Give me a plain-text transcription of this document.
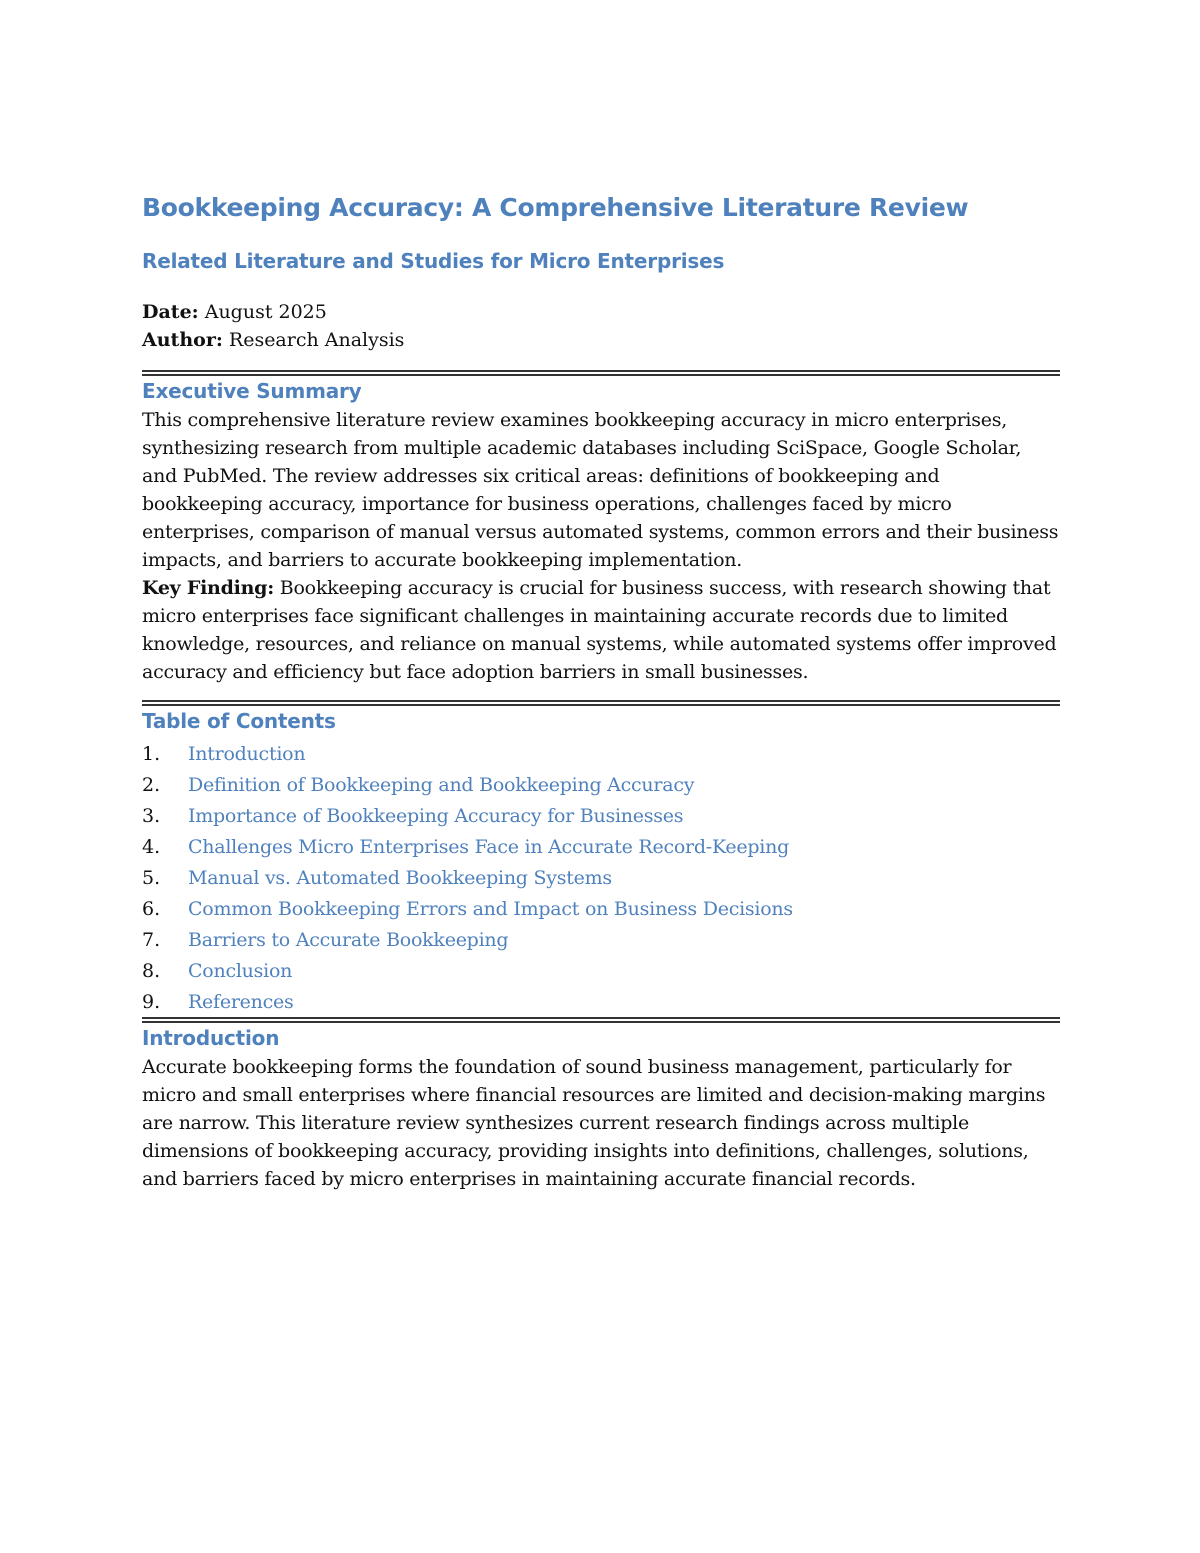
Bookkeeping Accuracy: A Comprehensive Literature Review
Related Literature and Studies for Micro Enterprises
Date: August 2025
Author: Research Analysis
Executive Summary

This comprehensive literature review examines bookkeeping accuracy in micro enterprises, synthesizing research from multiple academic databases including SciSpace, Google Scholar, and PubMed. The review addresses six critical areas: definitions of bookkeeping and bookkeeping accuracy, importance for business operations, challenges faced by micro enterprises, comparison of manual versus automated systems, common errors and their business impacts, and barriers to accurate bookkeeping implementation.

Key Finding: Bookkeeping accuracy is crucial for business success, with research showing that micro enterprises face significant challenges in maintaining accurate records due to limited knowledge, resources, and reliance on manual systems, while automated systems offer improved accuracy and efficiency but face adoption barriers in small businesses.

Table of Contents
1.	Introduction
2.	Definition of Bookkeeping and Bookkeeping Accuracy
3.	Importance of Bookkeeping Accuracy for Businesses
4.	Challenges Micro Enterprises Face in Accurate Record-Keeping
5.	Manual vs. Automated Bookkeeping Systems
6.	Common Bookkeeping Errors and Impact on Business Decisions
7.	Barriers to Accurate Bookkeeping
8.	Conclusion
9.	References
Introduction

Accurate bookkeeping forms the foundation of sound business management, particularly for micro and small enterprises where financial resources are limited and decision-making margins are narrow. This literature review synthesizes current research findings across multiple dimensions of bookkeeping accuracy, providing insights into definitions, challenges, solutions, and barriers faced by micro enterprises in maintaining accurate financial records.
